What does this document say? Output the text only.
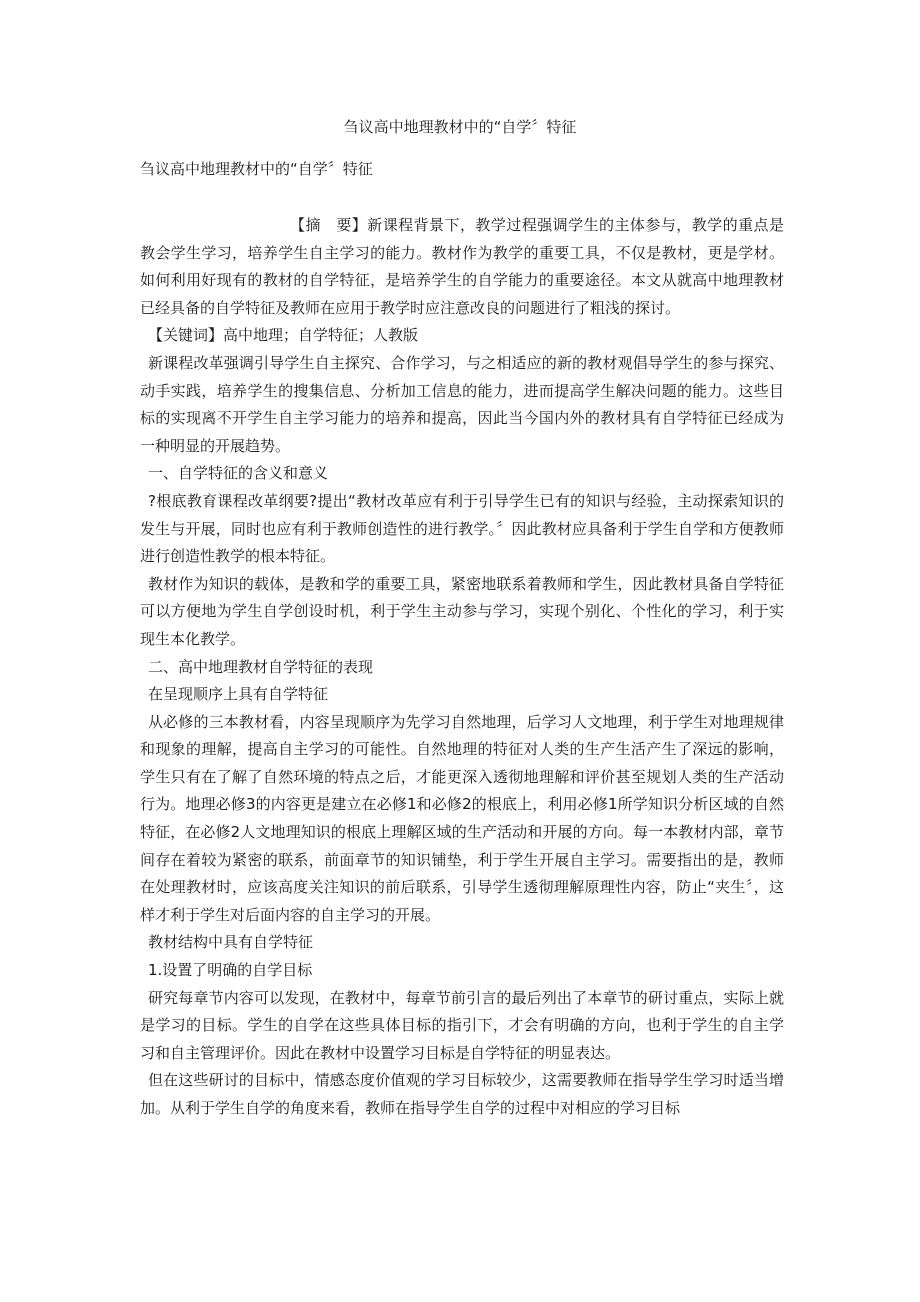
刍议高中地理教材中的“自学〞特征
刍议高中地理教材中的“自学〞特征

【摘　要】新课程背景下，教学过程强调学生的主体参与，教学的重点是教会学生学习，培养学生自主学习的能力。教材作为教学的重要工具，不仅是教材，更是学材。如何利用好现有的教材的自学特征，是培养学生的自学能力的重要途径。本文从就高中地理教材已经具备的自学特征及教师在应用于教学时应注意改良的问题进行了粗浅的探讨。

【关键词】高中地理；自学特征；人教版

新课程改革强调引导学生自主探究、合作学习，与之相适应的新的教材观倡导学生的参与探究、动手实践，培养学生的搜集信息、分析加工信息的能力，进而提高学生解决问题的能力。这些目标的实现离不开学生自主学习能力的培养和提高，因此当今国内外的教材具有自学特征已经成为一种明显的开展趋势。

一、自学特征的含义和意义

?根底教育课程改革纲要?提出“教材改革应有利于引导学生已有的知识与经验，主动探索知识的发生与开展，同时也应有利于教师创造性的进行教学。〞因此教材应具备利于学生自学和方便教师进行创造性教学的根本特征。

教材作为知识的载体，是教和学的重要工具，紧密地联系着教师和学生，因此教材具备自学特征可以方便地为学生自学创设时机，利于学生主动参与学习，实现个别化、个性化的学习，利于实现生本化教学。

二、高中地理教材自学特征的表现

在呈现顺序上具有自学特征

从必修的三本教材看，内容呈现顺序为先学习自然地理，后学习人文地理，利于学生对地理规律和现象的理解，提高自主学习的可能性。自然地理的特征对人类的生产生活产生了深远的影响，学生只有在了解了自然环境的特点之后，才能更深入透彻地理解和评价甚至规划人类的生产活动行为。地理必修3的内容更是建立在必修1和必修2的根底上，利用必修1所学知识分析区域的自然特征，在必修2人文地理知识的根底上理解区域的生产活动和开展的方向。每一本教材内部，章节间存在着较为紧密的联系，前面章节的知识铺垫，利于学生开展自主学习。需要指出的是，教师在处理教材时，应该高度关注知识的前后联系，引导学生透彻理解原理性内容，防止“夹生〞，这样才利于学生对后面内容的自主学习的开展。

教材结构中具有自学特征

1.设置了明确的自学目标

研究每章节内容可以发现，在教材中，每章节前引言的最后列出了本章节的研讨重点，实际上就是学习的目标。学生的自学在这些具体目标的指引下，才会有明确的方向，也利于学生的自主学习和自主管理评价。因此在教材中设置学习目标是自学特征的明显表达。

但在这些研讨的目标中，情感态度价值观的学习目标较少，这需要教师在指导学生学习时适当增加。从利于学生自学的角度来看，教师在指导学生自学的过程中对相应的学习目标
